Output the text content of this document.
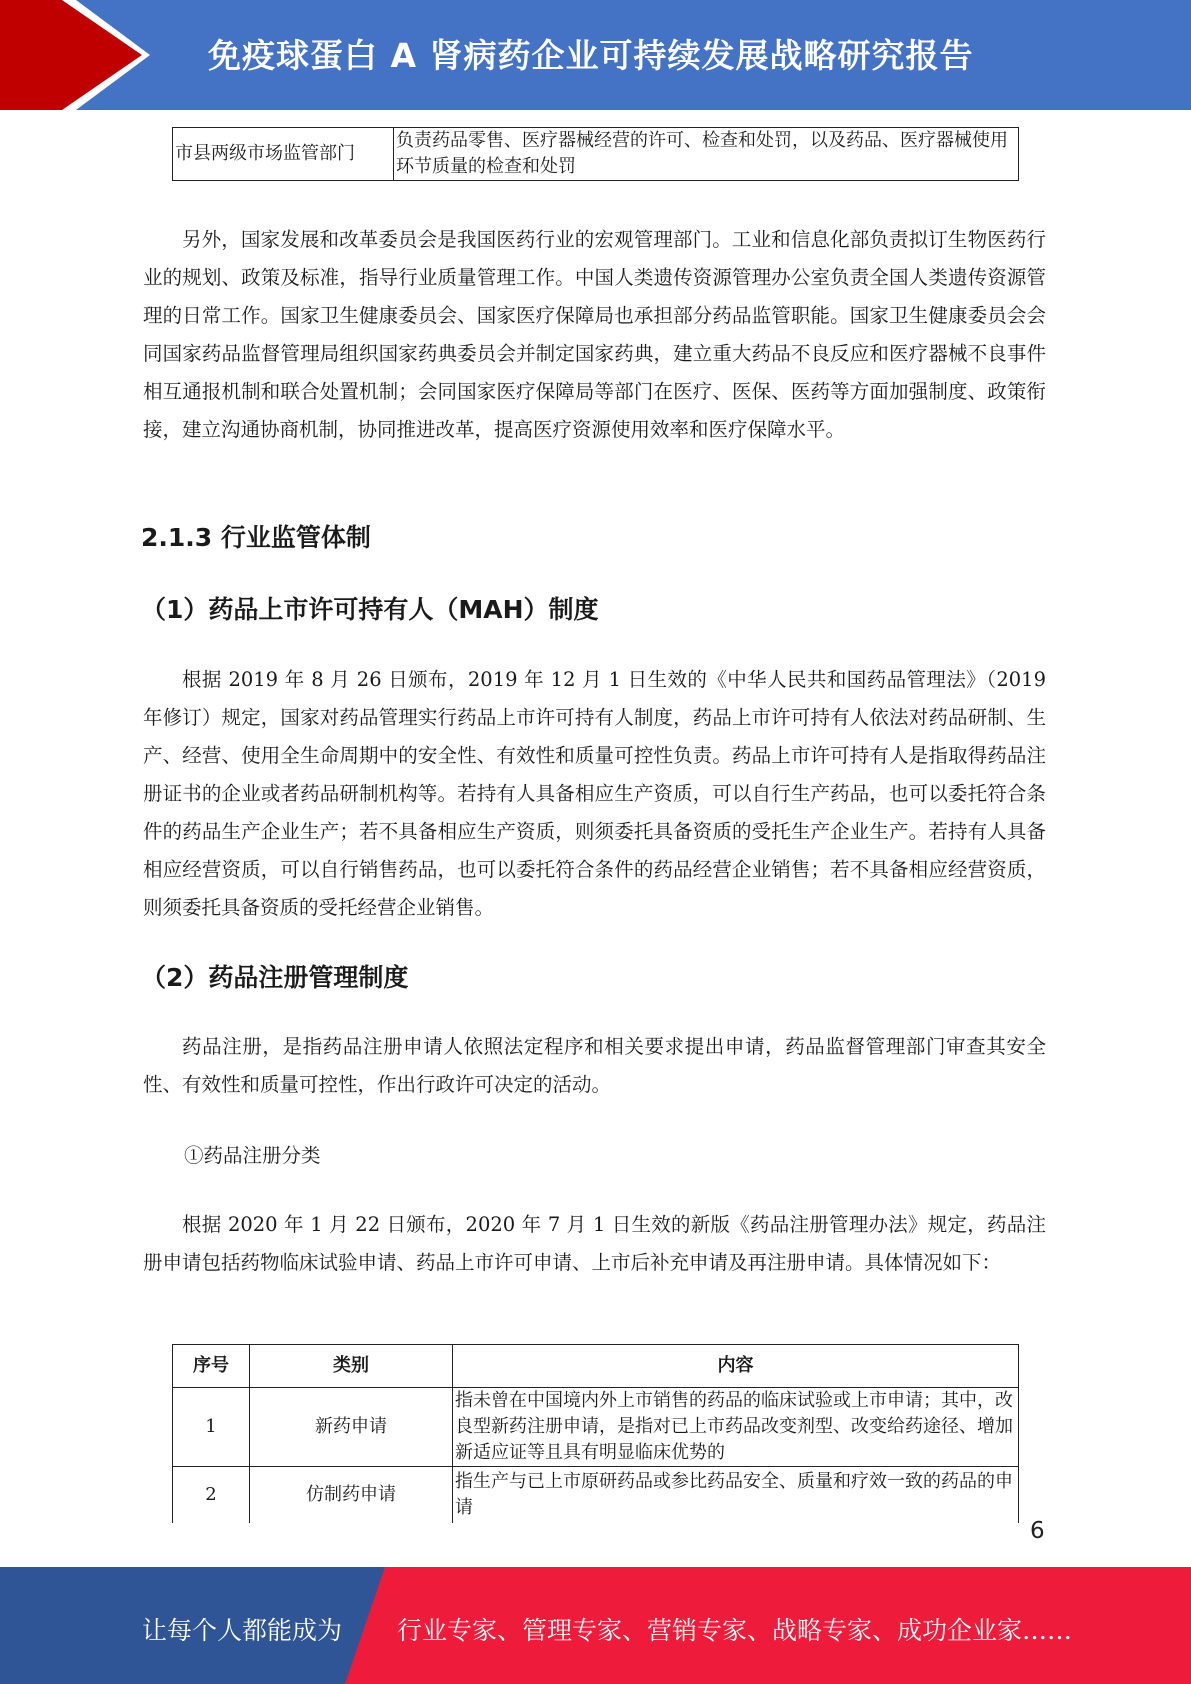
免疫球蛋白 A 肾病药企业可持续发展战略研究报告
市县两级市场监管部门	负责药品零售、医疗器械经营的许可、检查和处罚，以及药品、医疗器械使用环节质量的检查和处罚

另外，国家发展和改革委员会是我国医药行业的宏观管理部门。工业和信息化部负责拟订生物医药行业的规划、政策及标准，指导行业质量管理工作。中国人类遗传资源管理办公室负责全国人类遗传资源管理的日常工作。国家卫生健康委员会、国家医疗保障局也承担部分药品监管职能。国家卫生健康委员会会同国家药品监督管理局组织国家药典委员会并制定国家药典，建立重大药品不良反应和医疗器械不良事件相互通报机制和联合处置机制；会同国家医疗保障局等部门在医疗、医保、医药等方面加强制度、政策衔接，建立沟通协商机制，协同推进改革，提高医疗资源使用效率和医疗保障水平。

2.1.3 行业监管体制
（1）药品上市许可持有人（MAH）制度

根据 2019 年 8 月 26 日颁布，2019 年 12 月 1 日生效的《中华人民共和国药品管理法》（2019 年修订）规定，国家对药品管理实行药品上市许可持有人制度，药品上市许可持有人依法对药品研制、生产、经营、使用全生命周期中的安全性、有效性和质量可控性负责。药品上市许可持有人是指取得药品注册证书的企业或者药品研制机构等。若持有人具备相应生产资质，可以自行生产药品，也可以委托符合条件的药品生产企业生产；若不具备相应生产资质，则须委托具备资质的受托生产企业生产。若持有人具备相应经营资质，可以自行销售药品，也可以委托符合条件的药品经营企业销售；若不具备相应经营资质，则须委托具备资质的受托经营企业销售。

（2）药品注册管理制度

药品注册，是指药品注册申请人依照法定程序和相关要求提出申请，药品监督管理部门审查其安全性、有效性和质量可控性，作出行政许可决定的活动。

①药品注册分类

根据 2020 年 1 月 22 日颁布，2020 年 7 月 1 日生效的新版《药品注册管理办法》规定，药品注册申请包括药物临床试验申请、药品上市许可申请、上市后补充申请及再注册申请。具体情况如下：

序号	类别	内容
1	新药申请	指未曾在中国境内外上市销售的药品的临床试验或上市申请；其中，改良型新药注册申请，是指对已上市药品改变剂型、改变给药途径、增加新适应证等且具有明显临床优势的
2	仿制药申请	指生产与已上市原研药品或参比药品安全、质量和疗效一致的药品的申请
6
让每个人都能成为 行业专家、管理专家、营销专家、战略专家、成功企业家……
